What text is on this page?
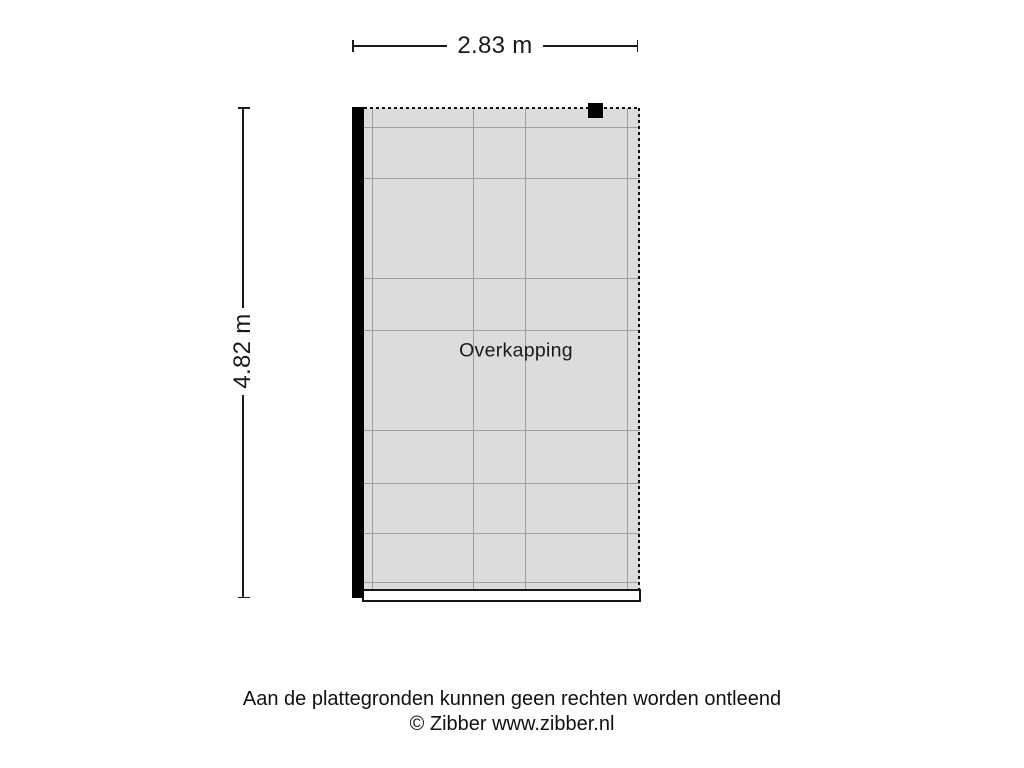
2.83 m
4.82 m	Overkapping
Aan de plattegronden kunnen geen rechten worden ontleend
© Zibber www.zibber.nl
